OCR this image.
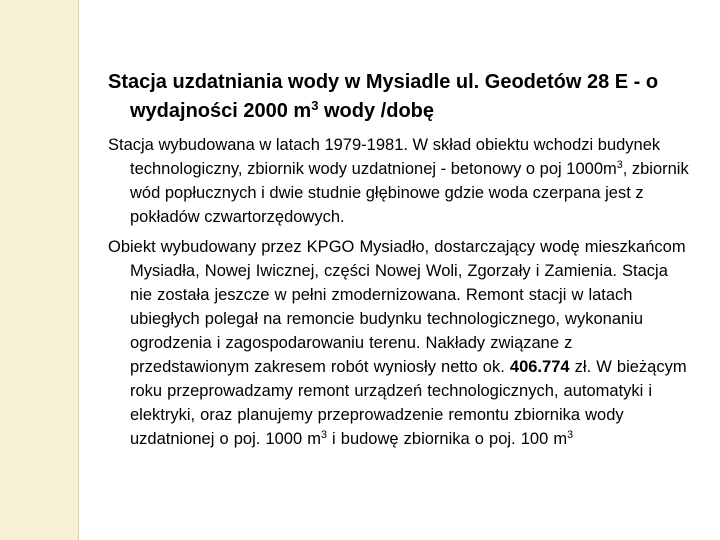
Stacja uzdatniania wody w Mysiadle ul. Geodetów 28 E - o wydajności 2000 $m^3$ wody /dobę

Stacja wybudowana w latach 1979-1981. W skład obiektu wchodzi budynek technologiczny, zbiornik wody uzdatnionej - betonowy o poj $1000m^3$, zbiornik wód popłucznych i dwie studnie głębinowe gdzie woda czerpana jest z pokładów czwartorzędowych.

Obiekt wybudowany przez KPGO Mysiadło, dostarczający wodę mieszkańcom Mysiadła, Nowej Iwicznej, części Nowej Woli, Zgorzały i Zamienia. Stacja nie została jeszcze w pełni zmodernizowana. Remont stacji w latach ubiegłych polegał na remoncie budynku technologicznego, wykonaniu ogrodzenia i zagospodarowaniu terenu. Nakłady związane z przedstawionym zakresem robót wyniosły netto ok. 406.774 zł. W bieżącym roku przeprowadzamy remont urządzeń technologicznych, automatyki i elektryki, oraz planujemy przeprowadzenie remontu zbiornika wody uzdatnionej o poj. 1000 $m^3$ i budowę zbiornika o poj. 100 $m^3$
